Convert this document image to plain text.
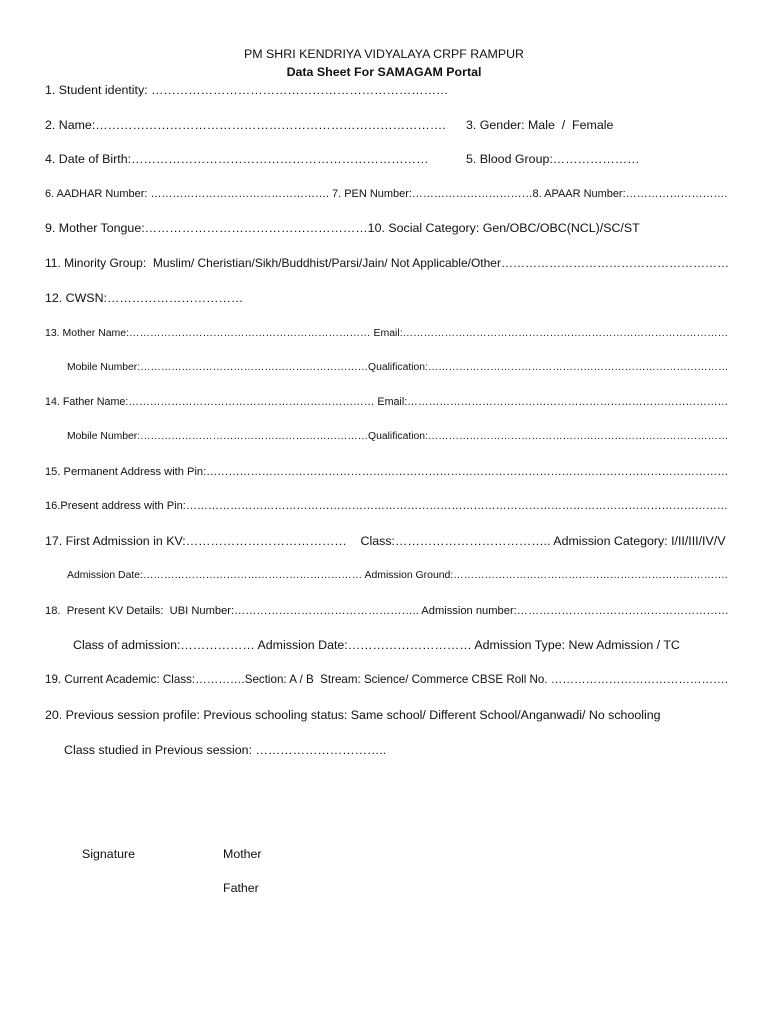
PM SHRI KENDRIYA VIDYALAYA CRPF RAMPUR
Data Sheet For SAMAGAM Portal
1. Student identity: ………………………………………………………………
2. Name:…………………………………………………………………………. 3. Gender: Male  /  Female
4. Date of Birth:………………………………………………………………	5. Blood Group:…………………
6. AADHAR Number: …………………………………………. 7. PEN Number:……………………………8. APAAR Number:……………………….
9. Mother Tongue:………………………………………………10. Social Category: Gen/OBC/OBC(NCL)/SC/ST
11. Minority Group:  Muslim/ Cheristian/Sikh/Buddhist/Parsi/Jain/ Not Applicable/Other…………………………………………………
12. CWSN:……………………………
13. Mother Name:…………………………………………………………… Email:…………………………………………………………………………………
Mobile Number:…………………………………………………………Qualification:……………………………………………………………………………
14. Father Name:…………………………………………………………… Email:………………………………………………………………………………
Mobile Number:…………………………………………………………Qualification:……………………………………………………………………………
15. Permanent Address with Pin:……………………………………………………………………………………………………………………………
16.Present address with Pin:…………………………………………………………………………………………………………………………………
17. First Admission in KV:…………………………………    Class:……………………………….. Admission Category: I/II/III/IV/V
Admission Date:……………………………………………………… Admission Ground:…………………………………………………………………….
18.  Present KV Details:  UBI Number:………………………………………….. Admission number:…………………………………………………
Class of admission:……………… Admission Date:………………………… Admission Type: New Admission / TC
19. Current Academic: Class:………….Section: A / B  Stream: Science/ Commerce CBSE Roll No. ……………………………………….
20. Previous session profile: Previous schooling status: Same school/ Different School/Anganwadi/ No schooling
Class studied in Previous session: …………………………..
Signature	Mother
Father
